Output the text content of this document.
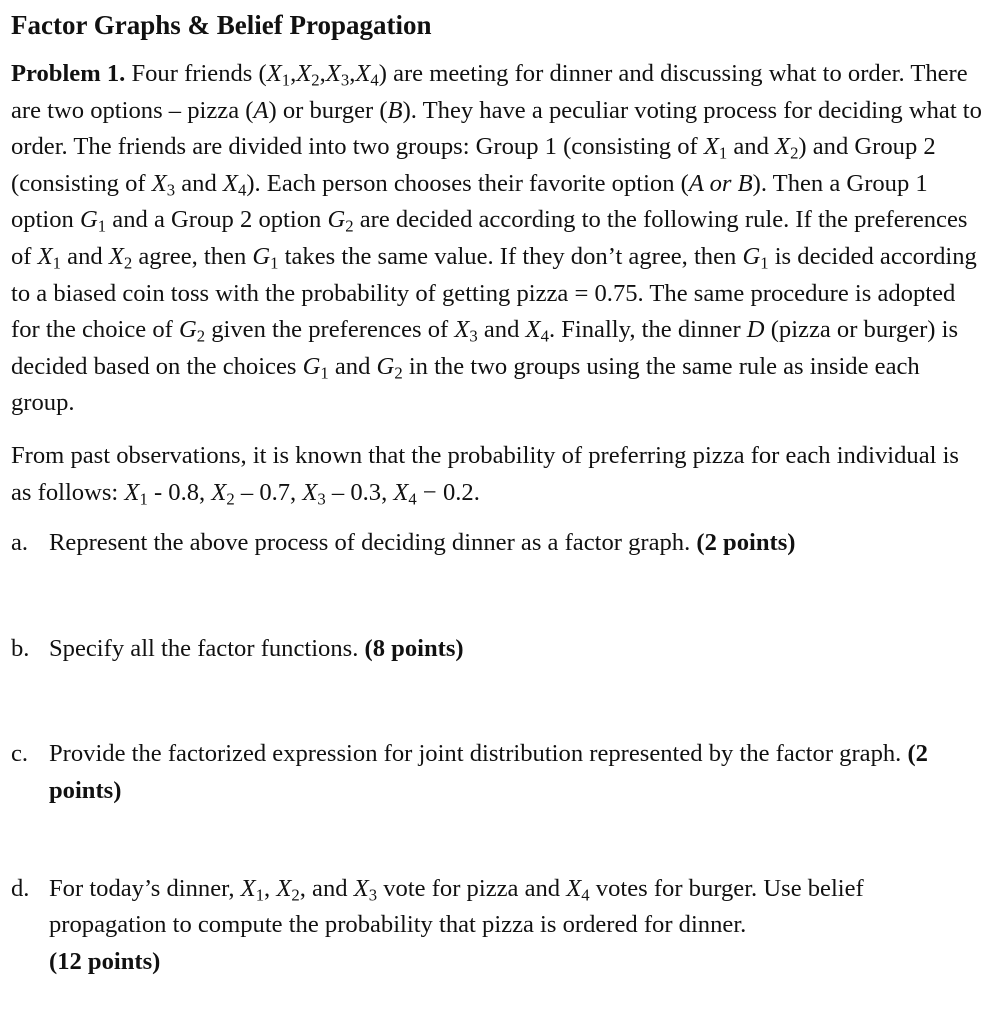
Factor Graphs & Belief Propagation

Problem 1. Four friends $(X_1,X_2,X_3,X_4)$ are meeting for dinner and discussing what to order. There are two options – pizza (A) or burger (B). They have a peculiar voting process for deciding what to order. The friends are divided into two groups: Group 1 (consisting of $X_1$ and $X_2$) and Group 2 (consisting of $X_3$ and $X_4$). Each person chooses their favorite option (A or B). Then a Group 1 option $G_1$ and a Group 2 option $G_2$ are decided according to the following rule. If the preferences of $X_1$ and $X_2$ agree, then $G_1$ takes the same value. If they don’t agree, then $G_1$ is decided according to a biased coin toss with the probability of getting pizza = 0.75. The same procedure is adopted for the choice of $G_2$ given the preferences of $X_3$ and $X_4$. Finally, the dinner D (pizza or burger) is decided based on the choices $G_1$ and $G_2$ in the two groups using the same rule as inside each group.

From past observations, it is known that the probability of preferring pizza for each individual is as follows: $X_1 - 0.8$, $X_2 - 0.7$, $X_3 - 0.3$, $X_4 - 0.2$.

a. Represent the above process of deciding dinner as a factor graph. (2 points)
b. Specify all the factor functions. (8 points)
c. Provide the factorized expression for joint distribution represented by the factor graph. (2 points)
d. For today’s dinner, $X_1$, $X_2$, and $X_3$ vote for pizza and $X_4$ votes for burger. Use belief propagation to compute the probability that pizza is ordered for dinner.
(12 points)
